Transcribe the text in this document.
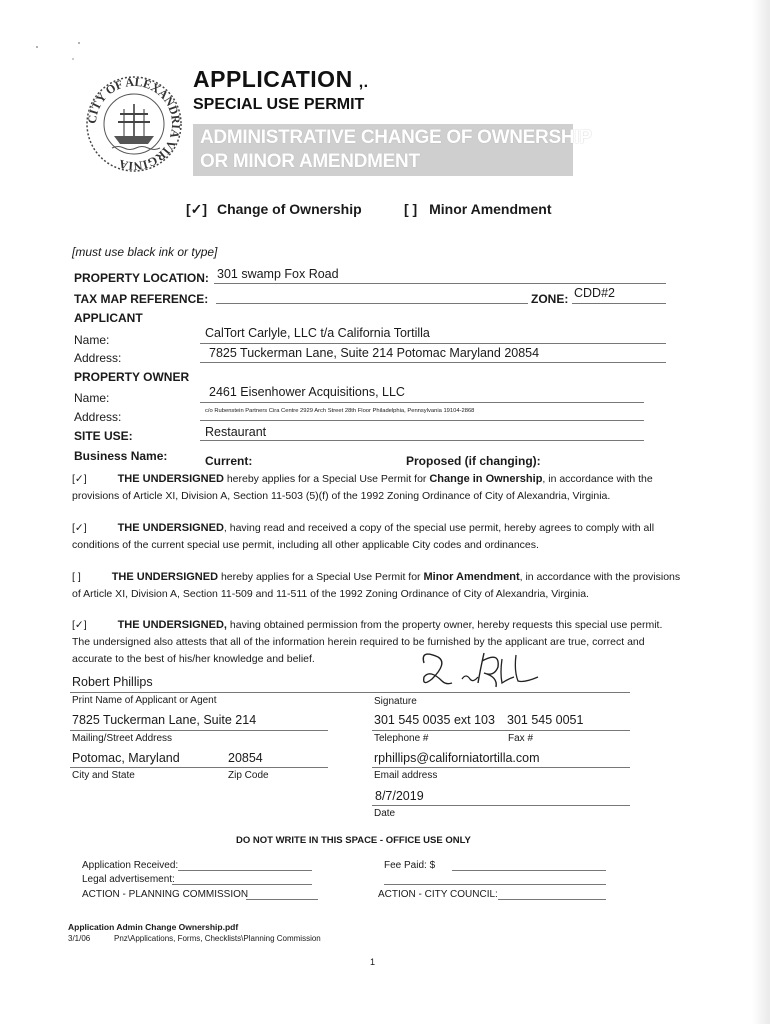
CITY OF ALEXANDRIA VIRGINIA
APPLICATION ,.
SPECIAL USE PERMIT
ADMINISTRATIVE CHANGE OF OWNERSHIP
OR MINOR AMENDMENT
[✓] Change of Ownership	[ ] Minor Amendment
[must use black ink or type]
PROPERTY LOCATION: 301 swamp Fox Road
TAX MAP REFERENCE:	ZONE: CDD#2
APPLICANT
Name:	CalTort Carlyle, LLC t/a California Tortilla
Address:	7825 Tuckerman Lane, Suite 214 Potomac Maryland 20854
PROPERTY OWNER
Name:	2461 Eisenhower Acquisitions, LLC
Address:	c/o Rubenstein Partners Cira Centre 2929 Arch Street 28th Floor Philadelphia, Pennsylvania 19104-2868
SITE USE:	Restaurant
Business Name:	Current:	Proposed (if changing):
[✓]	THE UNDERSIGNED hereby applies for a Special Use Permit for Change in Ownership, in accordance with the provisions of Article XI, Division A, Section 11-503 (5)(f) of the 1992 Zoning Ordinance of City of Alexandria, Virginia.
[✓]	THE UNDERSIGNED, having read and received a copy of the special use permit, hereby agrees to comply with all conditions of the current special use permit, including all other applicable City codes and ordinances.
[ ]	THE UNDERSIGNED hereby applies for a Special Use Permit for Minor Amendment, in accordance with the provisions of Article XI, Division A, Section 11-509 and 11-511 of the 1992 Zoning Ordinance of City of Alexandria, Virginia.
[✓]	THE UNDERSIGNED, having obtained permission from the property owner, hereby requests this special use permit. The undersigned also attests that all of the information herein required to be furnished by the applicant are true, correct and accurate to the best of his/her knowledge and belief.
Robert Phillips
Print Name of Applicant or Agent	Signature
7825 Tuckerman Lane, Suite 214
Mailing/Street Address
301 545 0035 ext 103 301 545 0051
Telephone #	Fax #
Potomac, Maryland	20854
City and State	Zip Code
rphillips@californiatortilla.com
Email address
8/7/2019
Date
DO NOT WRITE IN THIS SPACE - OFFICE USE ONLY
Application Received:
Legal advertisement:
ACTION - PLANNING COMMISSION
Fee Paid: $
ACTION - CITY COUNCIL:
Application Admin Change Ownership.pdf
3/1/06	Pnz\Applications, Forms, Checklists\Planning Commission
1
